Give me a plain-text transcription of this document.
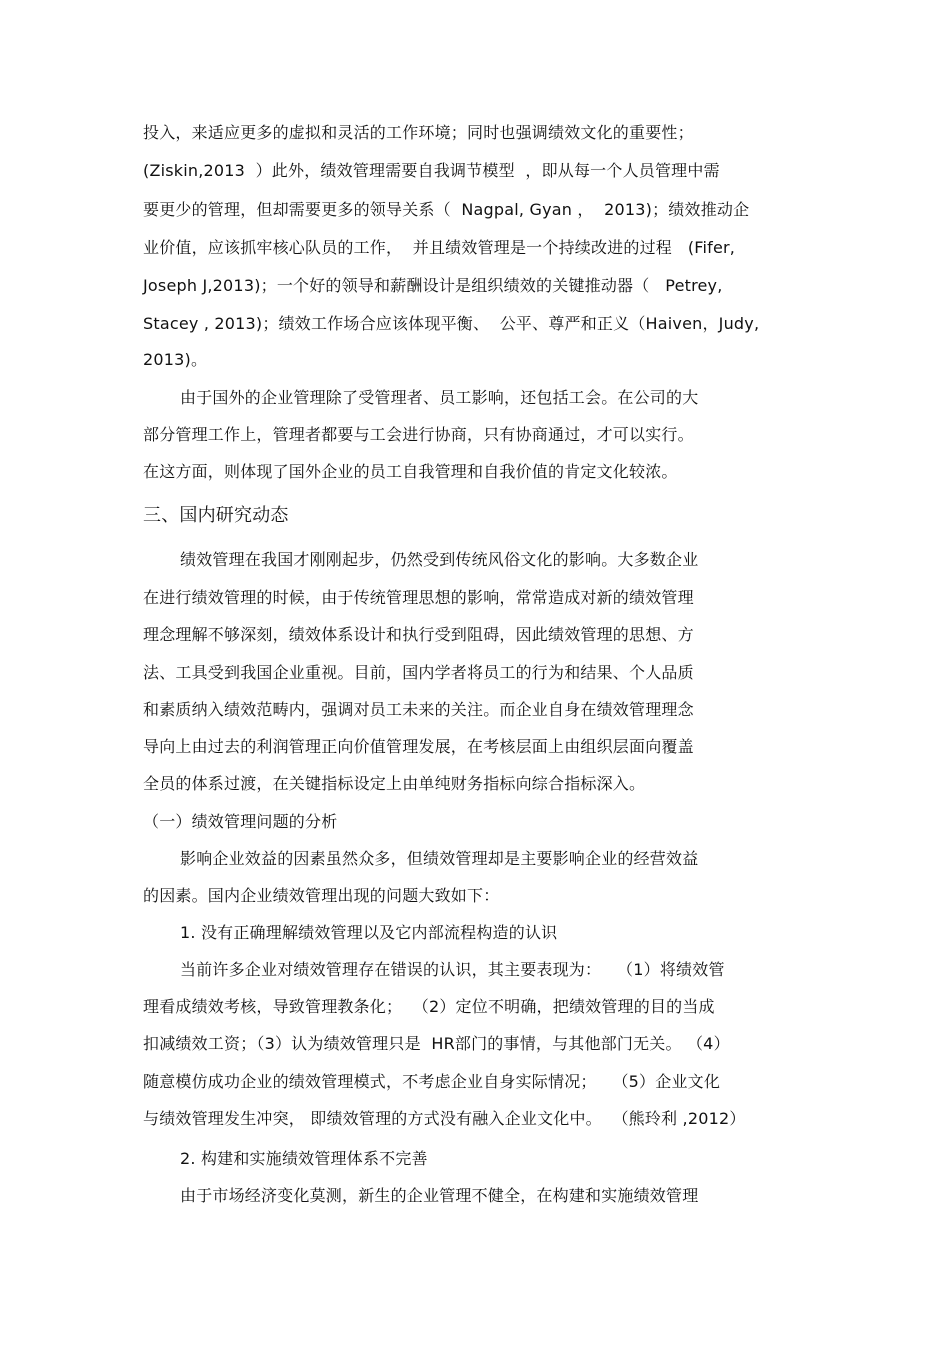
投入，来适应更多的虚拟和灵活的工作环境；同时也强调绩效文化的重要性；
(Ziskin,2013  ）此外，绩效管理需要自我调节模型  ，即从每一个人员管理中需
要更少的管理，但却需要更多的领导关系（  Nagpal, Gyan ，  2013)；绩效推动企
业价值，应该抓牢核心队员的工作，  并且绩效管理是一个持续改进的过程   (Fifer,
Joseph J,2013)；一个好的领导和薪酬设计是组织绩效的关键推动器（   Petrey,
Stacey , 2013)；绩效工作场合应该体现平衡、  公平、尊严和正义（Haiven，Judy,
2013)。
由于国外的企业管理除了受管理者、员工影响，还包括工会。在公司的大
部分管理工作上，管理者都要与工会进行协商，只有协商通过，才可以实行。
在这方面，则体现了国外企业的员工自我管理和自我价值的肯定文化较浓。
三、国内研究动态
绩效管理在我国才刚刚起步，仍然受到传统风俗文化的影响。大多数企业
在进行绩效管理的时候，由于传统管理思想的影响，常常造成对新的绩效管理
理念理解不够深刻，绩效体系设计和执行受到阻碍，因此绩效管理的思想、方
法、工具受到我国企业重视。目前，国内学者将员工的行为和结果、个人品质
和素质纳入绩效范畴内，强调对员工未来的关注。而企业自身在绩效管理理念
导向上由过去的利润管理正向价值管理发展，在考核层面上由组织层面向覆盖
全员的体系过渡，在关键指标设定上由单纯财务指标向综合指标深入。
（一）绩效管理问题的分析
影响企业效益的因素虽然众多，但绩效管理却是主要影响企业的经营效益
的因素。国内企业绩效管理出现的问题大致如下：
1. 没有正确理解绩效管理以及它内部流程构造的认识
当前许多企业对绩效管理存在错误的认识，其主要表现为：   （1）将绩效管
理看成绩效考核，导致管理教条化；  （2）定位不明确，把绩效管理的目的当成
扣减绩效工资；（3）认为绩效管理只是  HR部门的事情，与其他部门无关。 （4）
随意模仿成功企业的绩效管理模式，不考虑企业自身实际情况；   （5）企业文化
与绩效管理发生冲突， 即绩效管理的方式没有融入企业文化中。  （熊玲利 ,2012）
2. 构建和实施绩效管理体系不完善
由于市场经济变化莫测，新生的企业管理不健全，在构建和实施绩效管理
